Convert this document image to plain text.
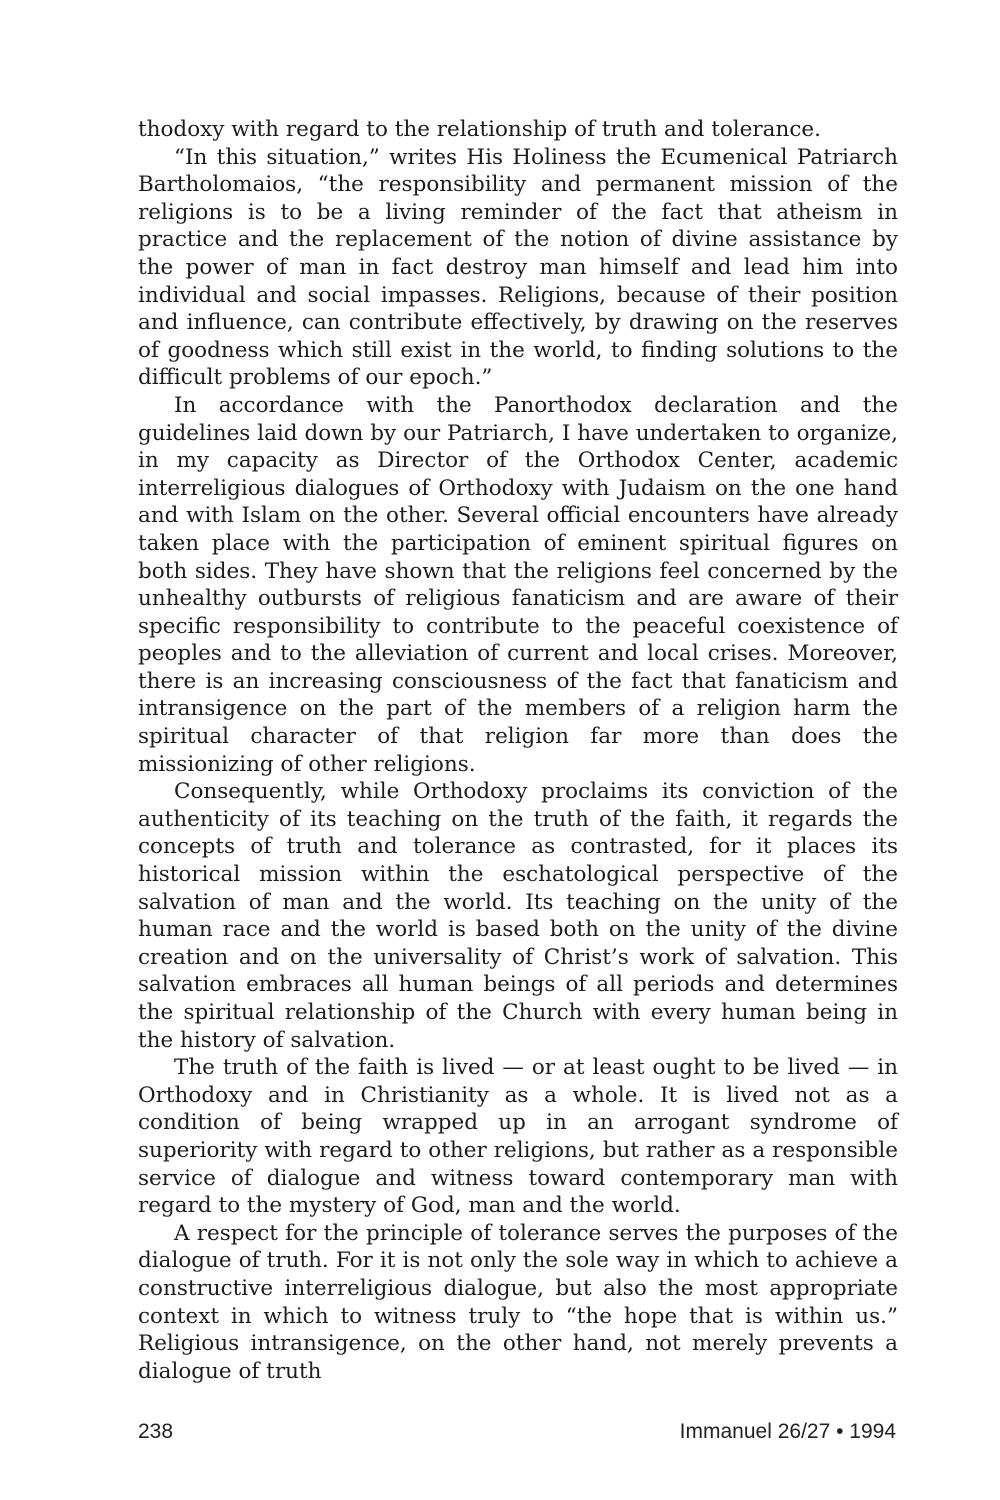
thodoxy with regard to the relationship of truth and tolerance.

“In this situation,” writes His Holiness the Ecumenical Patriarch Bartholomaios, “the responsibility and permanent mission of the religions is to be a living reminder of the fact that atheism in practice and the replacement of the notion of divine assistance by the power of man in fact destroy man himself and lead him into individual and social impasses. Religions, because of their position and influence, can contribute effectively, by drawing on the reserves of goodness which still exist in the world, to finding solutions to the difficult problems of our epoch.”

In accordance with the Panorthodox declaration and the guidelines laid down by our Patriarch, I have undertaken to organize, in my capacity as Director of the Orthodox Center, academic interreligious dialogues of Orthodoxy with Judaism on the one hand and with Islam on the other. Several official encounters have already taken place with the participation of eminent spiritual figures on both sides. They have shown that the religions feel concerned by the unhealthy outbursts of religious fanaticism and are aware of their specific responsibility to contribute to the peaceful coexistence of peoples and to the alleviation of current and local crises. Moreover, there is an increasing consciousness of the fact that fanaticism and intransigence on the part of the members of a religion harm the spiritual character of that religion far more than does the missionizing of other religions.

Consequently, while Orthodoxy proclaims its conviction of the authenticity of its teaching on the truth of the faith, it regards the concepts of truth and tolerance as contrasted, for it places its historical mission within the eschatological perspective of the salvation of man and the world. Its teaching on the unity of the human race and the world is based both on the unity of the divine creation and on the universality of Christ’s work of salvation. This salvation embraces all human beings of all periods and determines the spiritual relationship of the Church with every human being in the history of salvation.

The truth of the faith is lived — or at least ought to be lived — in Orthodoxy and in Christianity as a whole. It is lived not as a condition of being wrapped up in an arrogant syndrome of superiority with regard to other religions, but rather as a responsible service of dialogue and witness toward contemporary man with regard to the mystery of God, man and the world.

A respect for the principle of tolerance serves the purposes of the dialogue of truth. For it is not only the sole way in which to achieve a constructive interreligious dialogue, but also the most appropriate context in which to witness truly to “the hope that is within us.” Religious intransigence, on the other hand, not merely prevents a dialogue of truth

238	Immanuel 26/27 • 1994
